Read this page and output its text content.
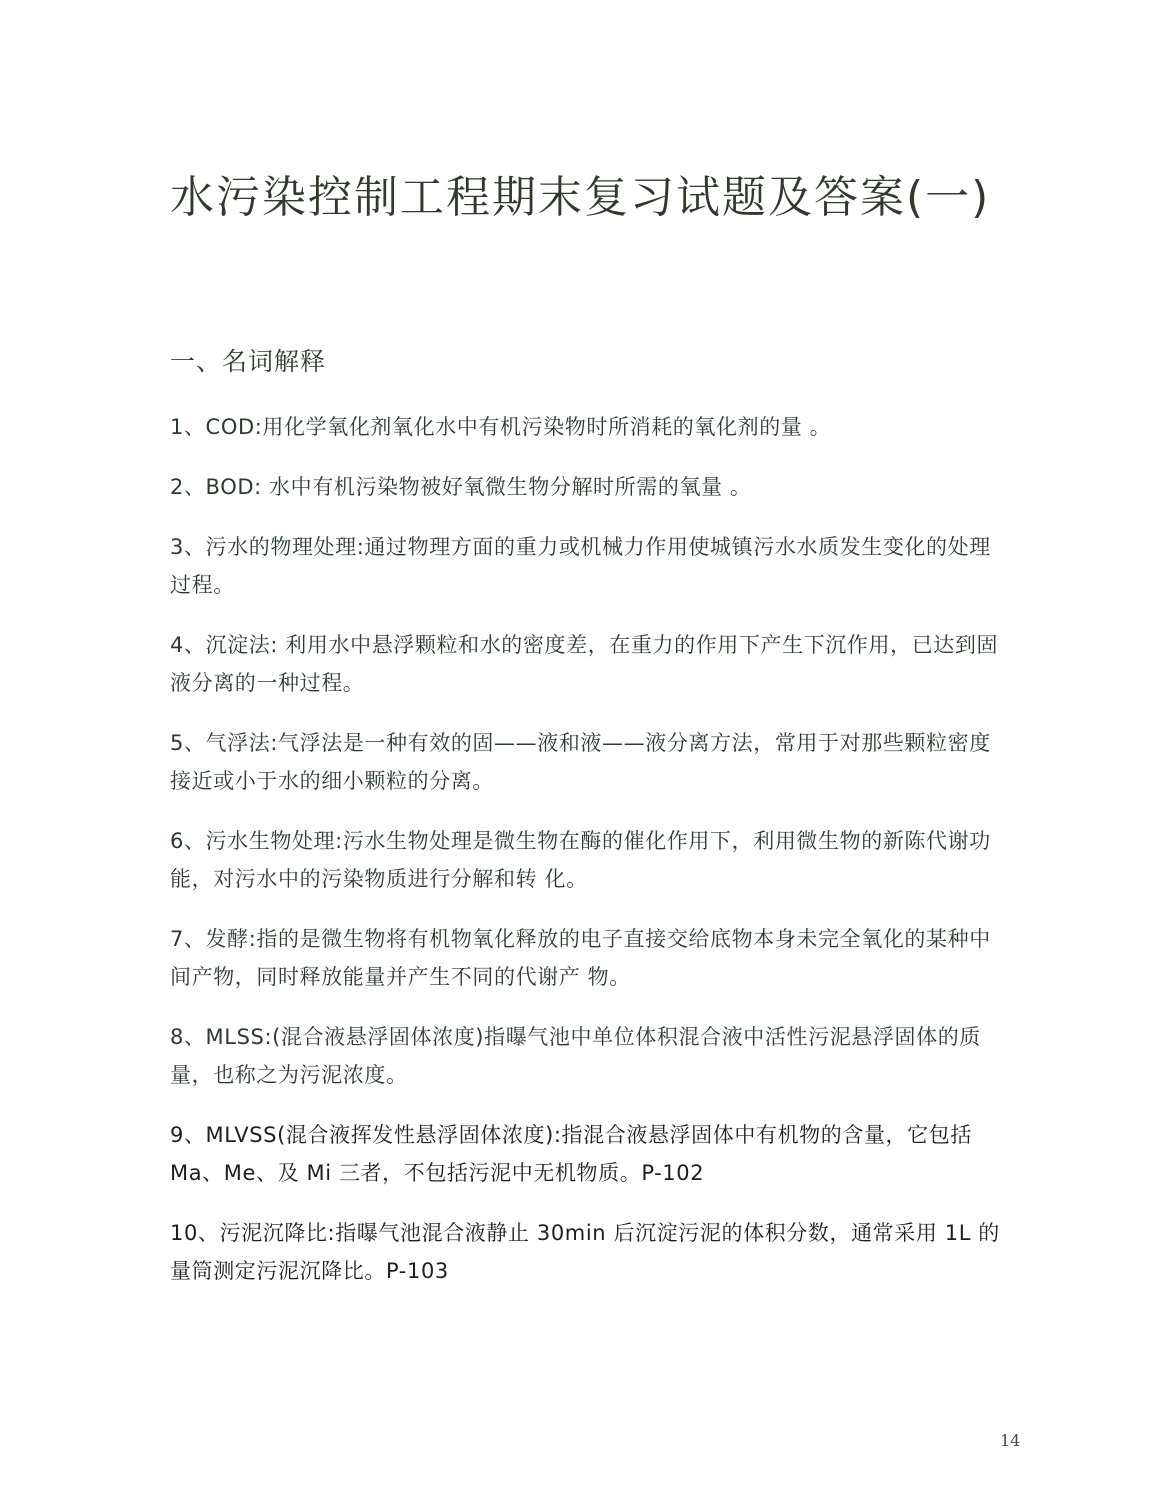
水污染控制工程期末复习试题及答案(一)
一、名词解释

1、COD:用化学氧化剂氧化水中有机污染物时所消耗的氧化剂的量 。

2、BOD: 水中有机污染物被好氧微生物分解时所需的氧量 。

3、污水的物理处理:通过物理方面的重力或机械力作用使城镇污水水质发生变化的处理过程。

4、沉淀法: 利用水中悬浮颗粒和水的密度差，在重力的作用下产生下沉作用，已达到固液分离的一种过程。

5、气浮法:气浮法是一种有效的固——液和液——液分离方法，常用于对那些颗粒密度接近或小于水的细小颗粒的分离。

6、污水生物处理:污水生物处理是微生物在酶的催化作用下，利用微生物的新陈代谢功能，对污水中的污染物质进行分解和转 化。

7、发酵:指的是微生物将有机物氧化释放的电子直接交给底物本身未完全氧化的某种中间产物，同时释放能量并产生不同的代谢产 物。

8、MLSS:(混合液悬浮固体浓度)指曝气池中单位体积混合液中活性污泥悬浮固体的质量，也称之为污泥浓度。

9、MLVSS(混合液挥发性悬浮固体浓度):指混合液悬浮固体中有机物的含量，它包括 Ma、Me、及 Mi 三者，不包括污泥中无机物质。P-102

10、污泥沉降比:指曝气池混合液静止 30min 后沉淀污泥的体积分数，通常采用 1L 的量筒测定污泥沉降比。P-103

14
